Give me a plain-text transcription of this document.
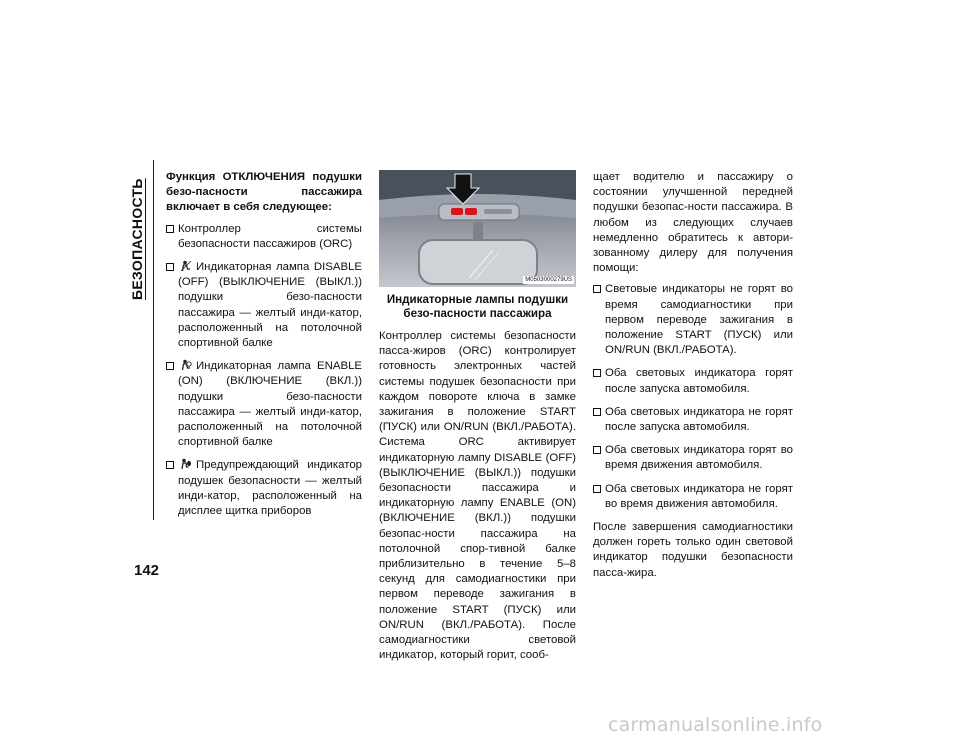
БЕЗОПАСНОСТЬ
142

Функция ОТКЛЮЧЕНИЯ подушки безо-пасности пассажира включает в себя следующее:

Контроллер системы безопасности пассажиров (ORC)
Индикаторная лампа DISABLE (OFF) (ВЫКЛЮЧЕНИЕ (ВЫКЛ.)) подушки безо-пасности пассажира — желтый инди-катор, расположенный на потолочной спортивной балке
Индикаторная лампа ENABLE (ON) (ВКЛЮЧЕНИЕ (ВКЛ.)) подушки безо-пасности пассажира — желтый инди-катор, расположенный на потолочной спортивной балке
Предупреждающий индикатор подушек безопасности — желтый инди-катор, расположенный на дисплее щитка приборов
M0503000279US
Индикаторные лампы подушки безо-пасности пассажира

Контроллер системы безопасности пасса-жиров (ORC) контролирует готовность электронных частей системы подушек безопасности при каждом повороте ключа в замке зажигания в положение START (ПУСК) или ON/RUN (ВКЛ./РАБОТА). Система ORC активирует индикаторную лампу DISABLE (OFF) (ВЫКЛЮЧЕНИЕ (ВЫКЛ.)) подушки безопасности пассажира и индикаторную лампу ENABLE (ON) (ВКЛЮЧЕНИЕ (ВКЛ.)) подушки безопас-ности пассажира на потолочной спор-тивной балке приблизительно в течение 5–8 секунд для самодиагностики при первом переводе зажигания в положение START (ПУСК) или ON/RUN (ВКЛ./РАБОТА). После самодиагностики световой индикатор, который горит, сооб-

щает водителю и пассажиру о состоянии улучшенной передней подушки безопас-ности пассажира. В любом из следующих случаев немедленно обратитесь к автори-зованному дилеру для получения помощи:

Световые индикаторы не горят во время самодиагностики при первом переводе зажигания в положение START (ПУСК) или ON/RUN (ВКЛ./РАБОТА).
Оба световых индикатора горят после запуска автомобиля.
Оба световых индикатора не горят после запуска автомобиля.
Оба световых индикатора горят во время движения автомобиля.
Оба световых индикатора не горят во время движения автомобиля.

После завершения самодиагностики должен гореть только один световой индикатор подушки безопасности пасса-жира.

carmanualsonline.info
